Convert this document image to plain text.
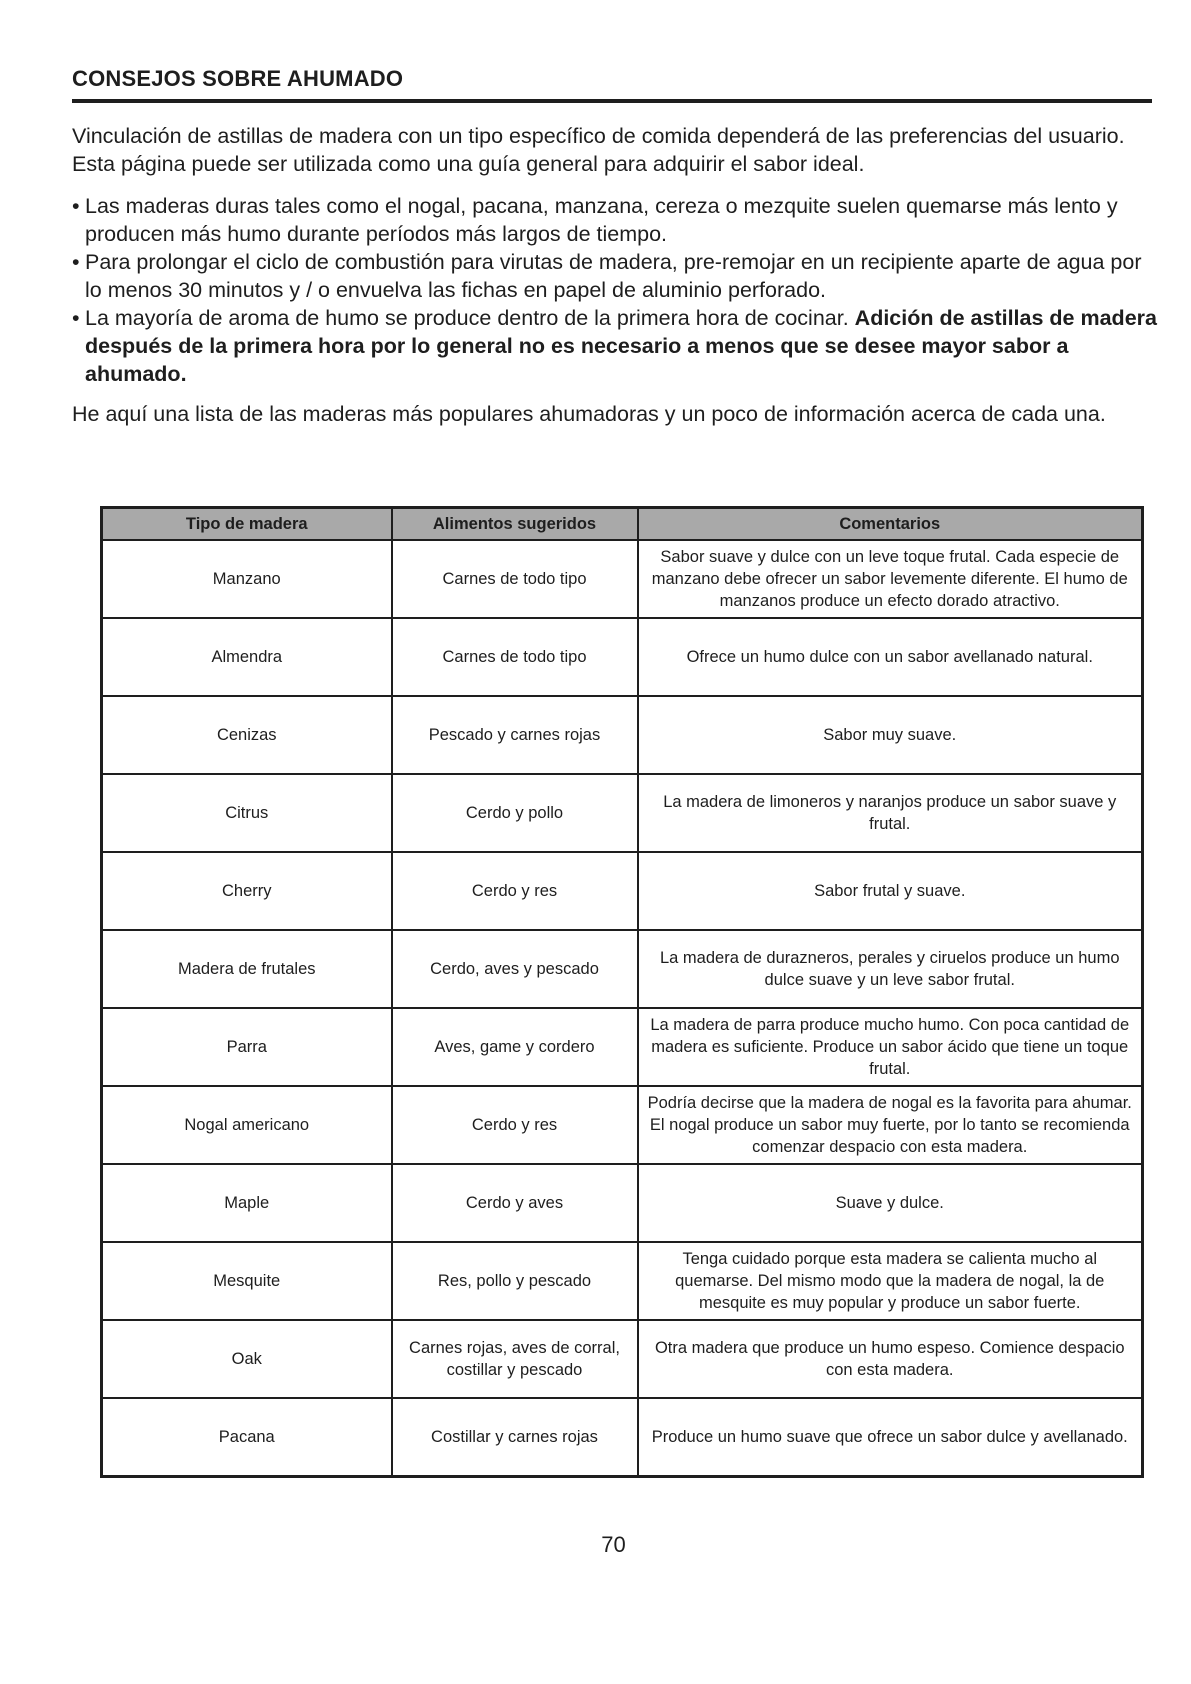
CONSEJOS SOBRE AHUMADO

Vinculación de astillas de madera con un tipo específico de comida dependerá de las preferencias del usuario. Esta página puede ser utilizada como una guía general para adquirir el sabor ideal.

• Las maderas duras tales como el nogal, pacana, manzana, cereza o mezquite suelen quemarse más lento y producen más humo durante períodos más largos de tiempo.
• Para prolongar el ciclo de combustión para virutas de madera, pre-remojar en un recipiente aparte de agua por lo menos 30 minutos y / o envuelva las fichas en papel de aluminio perforado.
• La mayoría de aroma de humo se produce dentro de la primera hora de cocinar. Adición de astillas de madera después de la primera hora por lo general no es necesario a menos que se desee mayor sabor a ahumado.

He aquí una lista de las maderas más populares ahumadoras y un poco de información acerca de cada una.

Tipo de madera	Alimentos sugeridos	Comentarios
Manzano	Carnes de todo tipo	Sabor suave y dulce con un leve toque frutal. Cada especie de manzano debe ofrecer un sabor levemente diferente. El humo de manzanos produce un efecto dorado atractivo.
Almendra	Carnes de todo tipo	Ofrece un humo dulce con un sabor avellanado natural.
Cenizas	Pescado y carnes rojas	Sabor muy suave.
Citrus	Cerdo y pollo	La madera de limoneros y naranjos produce un sabor suave y frutal.
Cherry	Cerdo y res	Sabor frutal y suave.
Madera de frutales	Cerdo, aves y pescado	La madera de durazneros, perales y ciruelos produce un humo dulce suave y un leve sabor frutal.
Parra	Aves, game y cordero	La madera de parra produce mucho humo. Con poca cantidad de madera es suficiente. Produce un sabor ácido que tiene un toque frutal.
Nogal americano	Cerdo y res	Podría decirse que la madera de nogal es la favorita para ahumar. El nogal produce un sabor muy fuerte, por lo tanto se recomienda comenzar despacio con esta madera.
Maple	Cerdo y aves	Suave y dulce.
Mesquite	Res, pollo y pescado	Tenga cuidado porque esta madera se calienta mucho al quemarse. Del mismo modo que la madera de nogal, la de mesquite es muy popular y produce un sabor fuerte.
Oak	Carnes rojas, aves de corral, costillar y pescado	Otra madera que produce un humo espeso. Comience despacio con esta madera.
Pacana	Costillar y carnes rojas	Produce un humo suave que ofrece un sabor dulce y avellanado.
70
